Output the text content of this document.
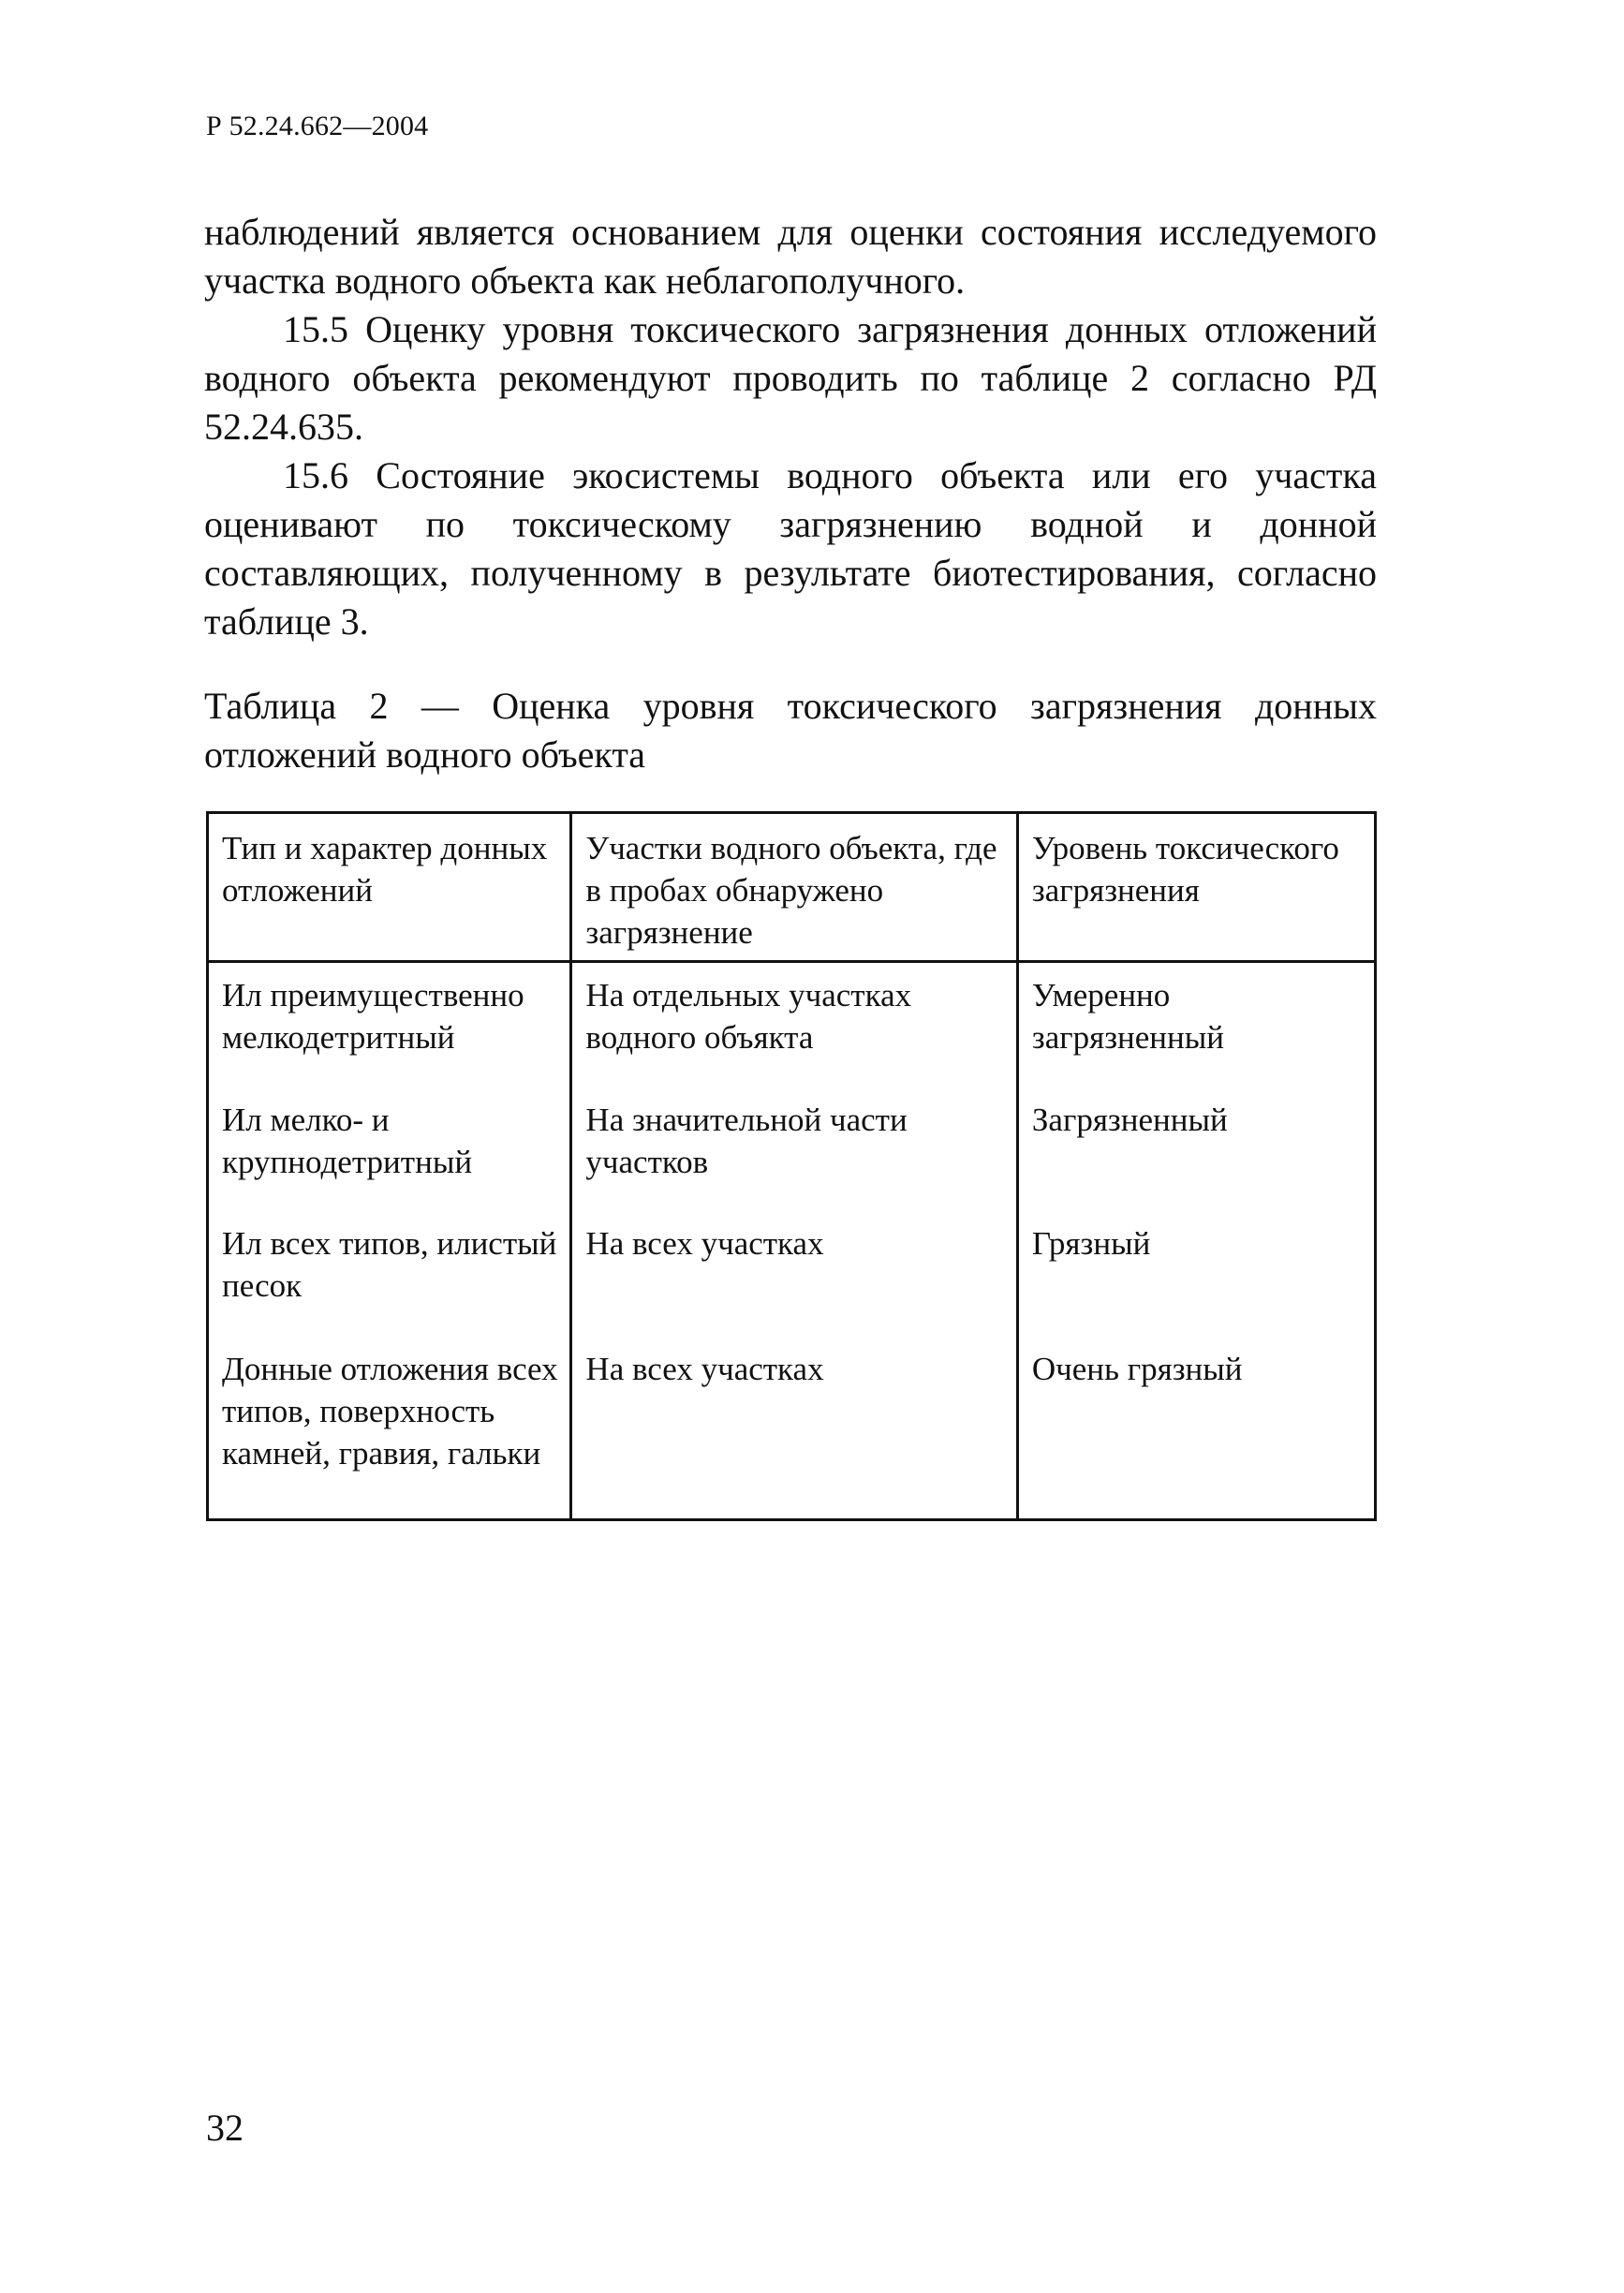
Р 52.24.662—2004

наблюдений является основанием для оценки состояния исследуемого участка водного объекта как неблагополучного.

15.5 Оценку уровня токсического загрязнения донных отложений водного объекта рекомендуют проводить по таблице 2 согласно РД 52.24.635.

15.6 Состояние экосистемы водного объекта или его участка оценивают по токсическому загрязнению водной и донной составляющих, полученному в результате биотестирования, согласно таблице 3.

Таблица 2 — Оценка уровня токсического загрязнения донных отложений водного объекта
Тип и характер донных отложений	Участки водного объекта, где в пробах обнаружено загрязнение	Уровень токсического загрязнения
Ил преимущественно мелкодетритный	На отдельных участках водного объякта	Умеренно загрязненный
Ил мелко- и крупнодетритный	На значительной части участков	Загрязненный
Ил всех типов, илистый песок	На всех участках	Грязный
Донные отложения всех типов, поверхность камней, гравия, гальки	На всех участках	Очень грязный
32
